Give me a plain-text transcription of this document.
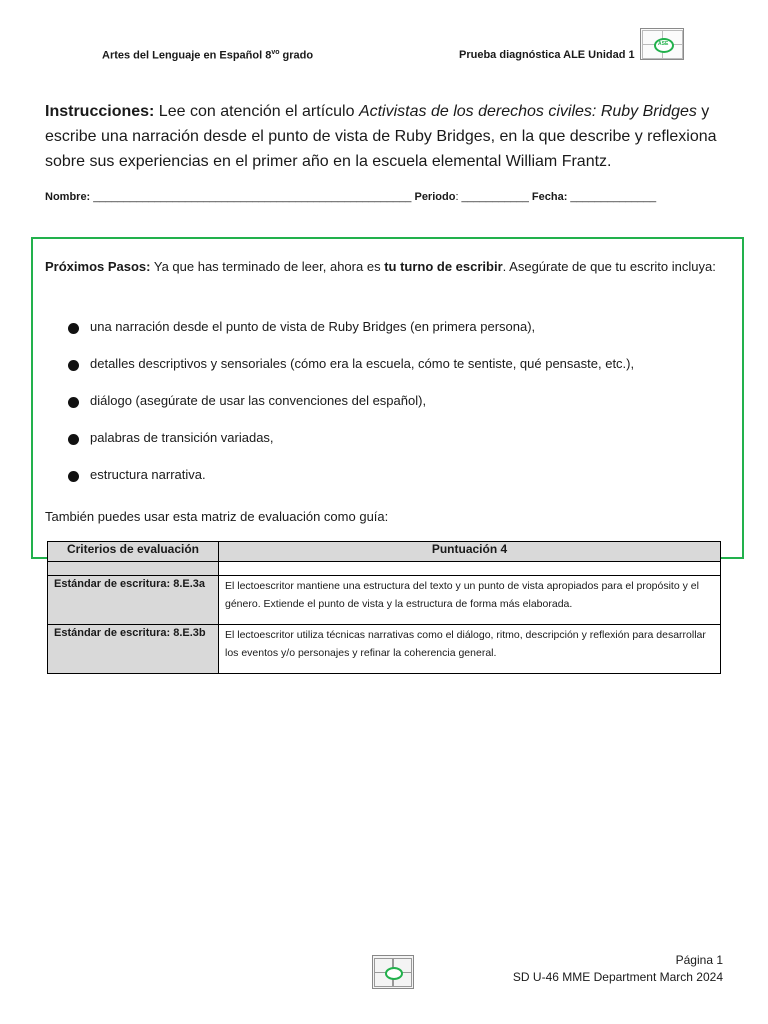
Artes del Lenguaje en Español $8^{vo}$ grado	Prueba diagnóstica ALE Unidad 1
ASE
Instrucciones: Lee con atención el artículo Activistas de los derechos civiles: Ruby Bridges y escribe una narración desde el punto de vista de Ruby Bridges, en la que describe y reflexiona sobre sus experiencias en el primer año en la escuela elemental William Frantz.
Nombre: ____________________________________________________ Periodo: ___________ Fecha: ______________
Próximos Pasos: Ya que has terminado de leer, ahora es tu turno de escribir. Asegúrate de que tu escrito incluya:
una narración desde el punto de vista de Ruby Bridges (en primera persona),
detalles descriptivos y sensoriales (cómo era la escuela, cómo te sentiste, qué pensaste, etc.),
diálogo (asegúrate de usar las convenciones del español),
palabras de transición variadas,
estructura narrativa.
También puedes usar esta matriz de evaluación como guía:
Criterios de evaluación	Puntuación 4

Estándar de escritura: 8.E.3a	El lectoescritor mantiene una estructura del texto y un punto de vista apropiados para el propósito y el género. Extiende el punto de vista y la estructura de forma más elaborada.
Estándar de escritura: 8.E.3b	El lectoescritor utiliza técnicas narrativas como el diálogo, ritmo, descripción y reflexión para desarrollar los eventos y/o personajes y refinar la coherencia general.
Página 1
SD U-46 MME Department March 2024
